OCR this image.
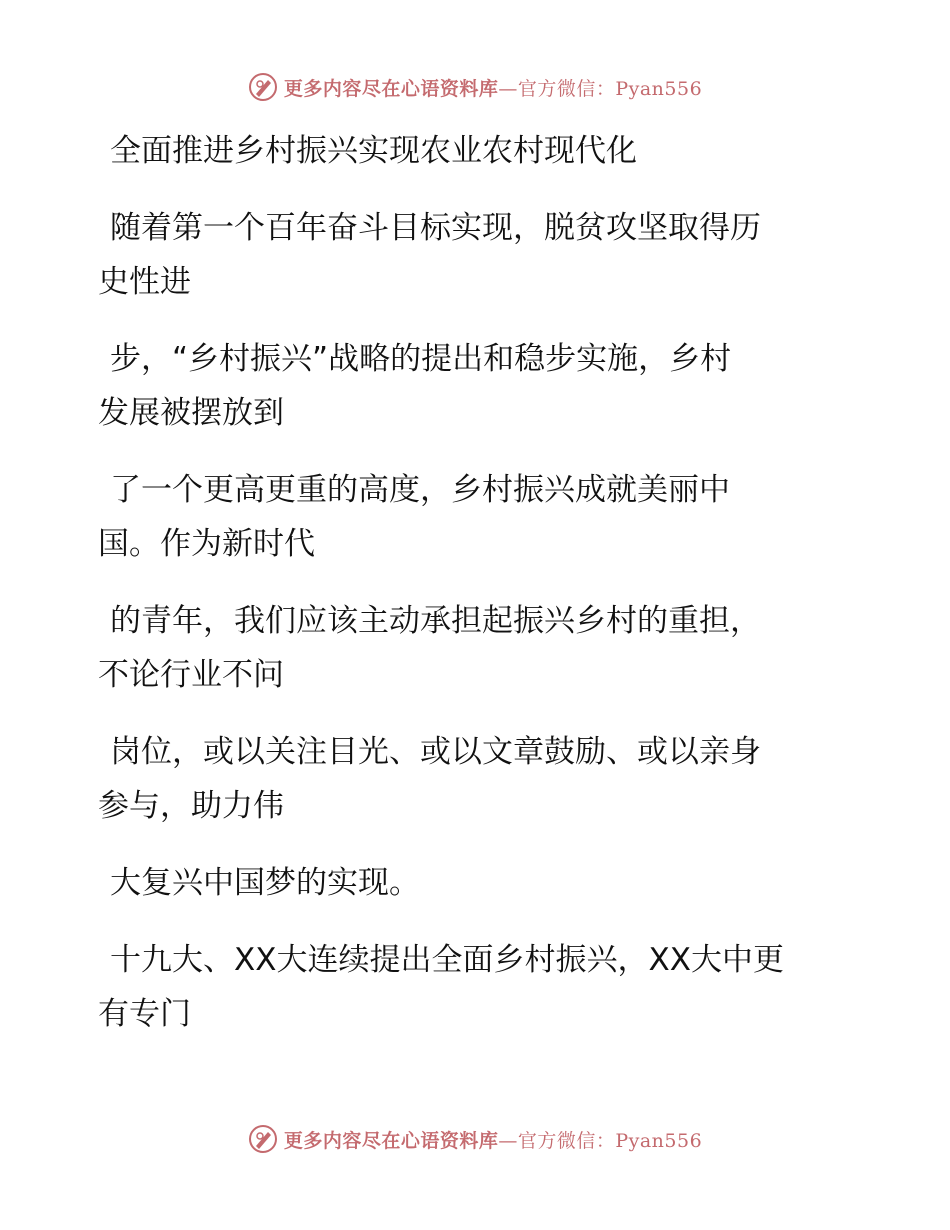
更多内容尽在心语资料库—官方微信：Pyan556

全面推进乡村振兴实现农业农村现代化

随着第一个百年奋斗目标实现，脱贫攻坚取得历
史性进

步，“乡村振兴”战略的提出和稳步实施，乡村
发展被摆放到

了一个更高更重的高度，乡村振兴成就美丽中
国。作为新时代

的青年，我们应该主动承担起振兴乡村的重担，
不论行业不问

岗位，或以关注目光、或以文章鼓励、或以亲身
参与，助力伟

大复兴中国梦的实现。

十九大、XX大连续提出全面乡村振兴，XX大中更
有专门

更多内容尽在心语资料库—官方微信：Pyan556
